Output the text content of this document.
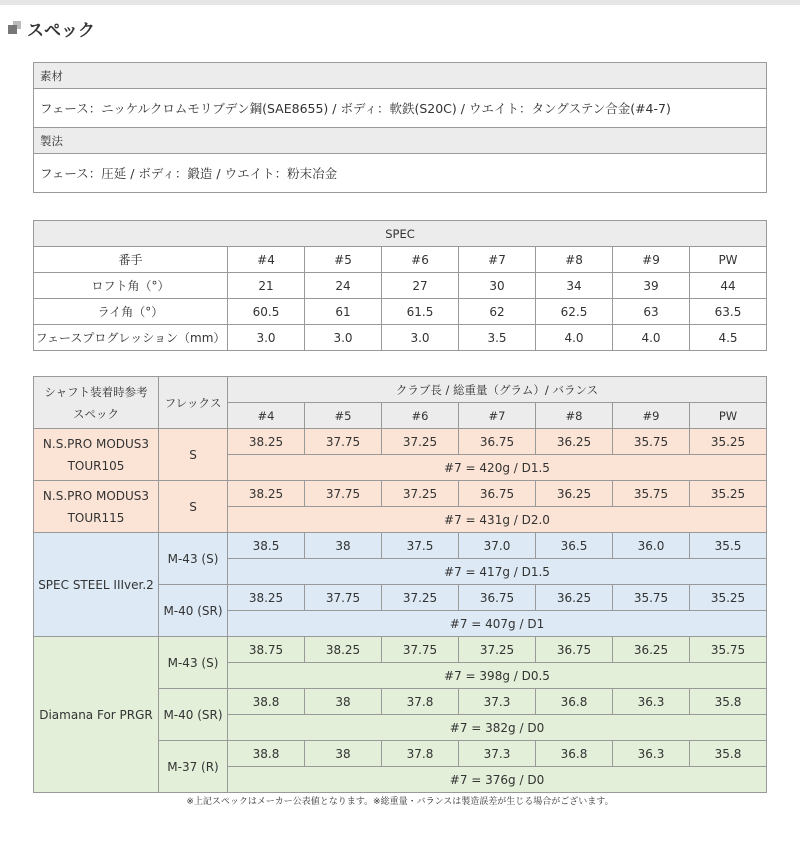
スペック
素材
フェース：ニッケルクロムモリブデン鋼(SAE8655) / ボディ：軟鉄(S20C) / ウエイト：タングステン合金(#4-7)
製法
フェース：圧延 / ボディ：鍛造 / ウエイト：粉末冶金
SPEC							
番手	#4	#5	#6	#7	#8	#9	PW
ロフト角（°）	21	24	27	30	34	39	44
ライ角（°）	60.5	61	61.5	62	62.5	63	63.5
フェースプログレッション（mm）	3.0	3.0	3.0	3.5	4.0	4.0	4.5
シャフト装着時参考
スペック	フレックス	クラブ長 / 総重量（グラム）/ バランス						
		#4	#5	#6	#7	#8	#9	PW

N.S.PRO MODUS3
TOUR105	S	38.25	37.75	37.25	36.75	36.25	35.75	35.25
		#7 = 420g / D1.5						

N.S.PRO MODUS3
TOUR115	S	38.25	37.75	37.25	36.75	36.25	35.75	35.25
		#7 = 431g / D2.0						

SPEC STEEL IIIver.2	M-43 (S)	38.5	38	37.5	37.0	36.5	36.0	35.5
		#7 = 417g / D1.5						
	M-40 (SR)	38.25	37.75	37.25	36.75	36.25	35.75	35.25
		#7 = 407g / D1						

Diamana For PRGR	M-43 (S)	38.75	38.25	37.75	37.25	36.75	36.25	35.75
		#7 = 398g / D0.5						
	M-40 (SR)	38.8	38	37.8	37.3	36.8	36.3	35.8
		#7 = 382g / D0						
	M-37 (R)	38.8	38	37.8	37.3	36.8	36.3	35.8
		#7 = 376g / D0						
※上記スペックはメーカー公表値となります。※総重量・バランスは製造誤差が生じる場合がございます。
